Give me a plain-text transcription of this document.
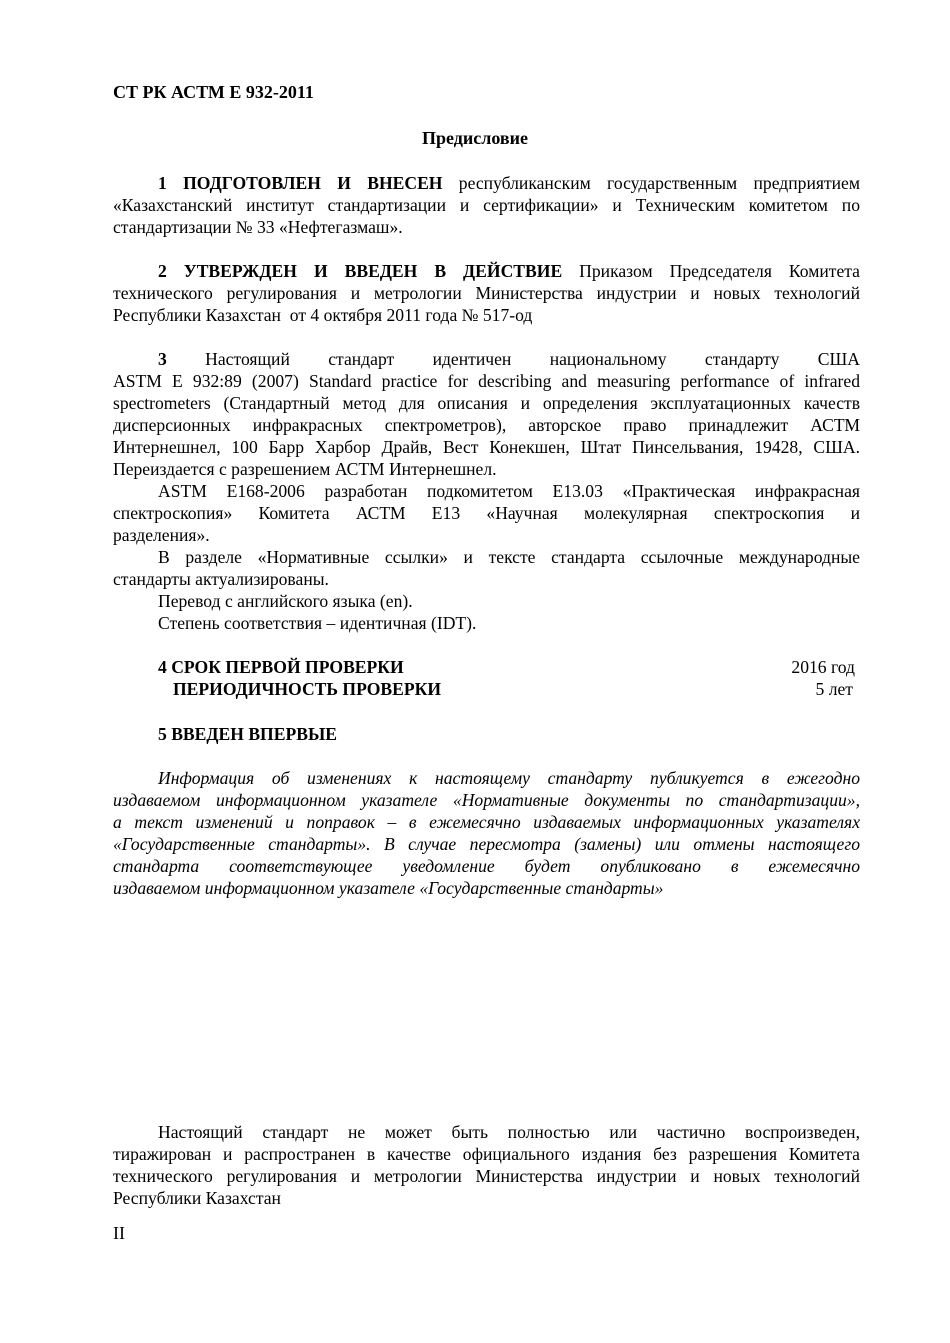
СТ РК АСТМ Е 932-2011
Предисловие
1 ПОДГОТОВЛЕН И ВНЕСЕН республиканским государственным предприятием
«Казахстанский институт стандартизации и сертификации» и Техническим комитетом по
стандартизации № 33 «Нефтегазмаш».
2 УТВЕРЖДЕН И ВВЕДЕН В ДЕЙСТВИЕ Приказом Председателя Комитета
технического регулирования и метрологии Министерства индустрии и новых технологий
Республики Казахстан  от 4 октября 2011 года № 517-од
3 Настоящий стандарт идентичен национальному стандарту США
ASTM E 932:89 (2007) Standard practice for describing and measuring performance of infrared
spectrometers (Стандартный метод для описания и определения эксплуатационных качеств
дисперсионных инфракрасных спектрометров), авторское право принадлежит АСТМ
Интернешнел, 100 Барр Харбор Драйв, Вест Конекшен, Штат Пинсельвания, 19428, США.
Переиздается с разрешением АСТМ Интернешнел.
ASTM E168-2006 разработан подкомитетом E13.03 «Практическая инфракрасная
спектроскопия» Комитета АСТМ Е13 «Научная молекулярная спектроскопия и
разделения».
В разделе «Нормативные ссылки» и тексте стандарта ссылочные международные
стандарты актуализированы.
Перевод с английского языка (en).
Степень соответствия – идентичная (IDT).
4 СРОК ПЕРВОЙ ПРОВЕРКИ	2016 год
ПЕРИОДИЧНОСТЬ ПРОВЕРКИ	5 лет
5 ВВЕДЕН ВПЕРВЫЕ
Информация об изменениях к настоящему стандарту публикуется в ежегодно
издаваемом информационном указателе «Нормативные документы по стандартизации»,
а текст изменений и поправок – в ежемесячно издаваемых информационных указателях
«Государственные стандарты». В случае пересмотра (замены) или отмены настоящего
стандарта соответствующее уведомление будет опубликовано в ежемесячно
издаваемом информационном указателе «Государственные стандарты»
Настоящий стандарт не может быть полностью или частично воспроизведен,
тиражирован и распространен в качестве официального издания без разрешения Комитета
технического регулирования и метрологии Министерства индустрии и новых технологий
Республики Казахстан
II
